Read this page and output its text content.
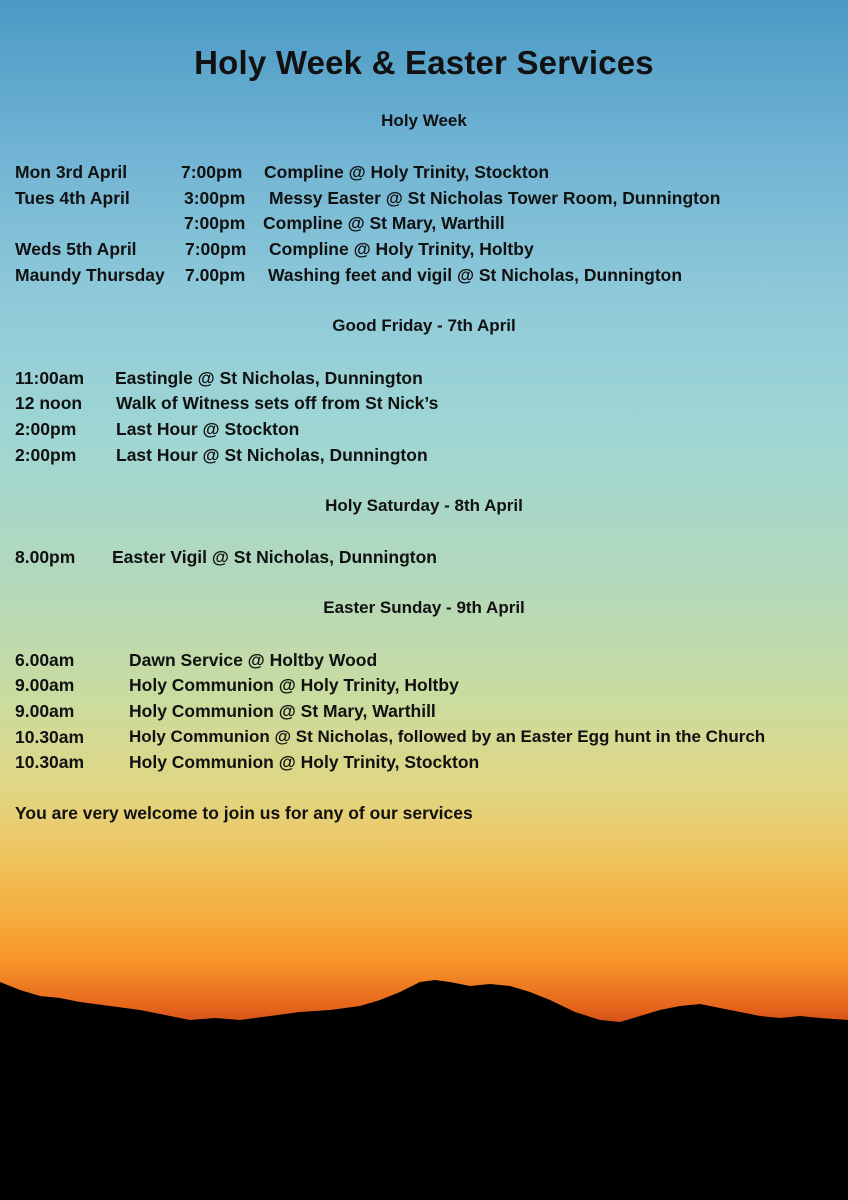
Holy Week & Easter Services
Holy Week
Mon 3rd April	7:00pm Compline @ Holy Trinity, Stockton
Tues 4th April	3:00pm Messy Easter @ St Nicholas Tower Room, Dunnington
7:00pm Compline @ St Mary, Warthill
Weds 5th April	7:00pm Compline @ Holy Trinity, Holtby
Maundy Thursday 7.00pm Washing feet and vigil @ St Nicholas, Dunnington
Good Friday - 7th April
11:00am Eastingle @ St Nicholas, Dunnington
12 noon Walk of Witness sets off from St Nick’s
2:00pm Last Hour @ Stockton
2:00pm Last Hour @ St Nicholas, Dunnington
Holy Saturday - 8th April
8.00pm Easter Vigil @ St Nicholas, Dunnington
Easter Sunday - 9th April
6.00am	Dawn Service @ Holtby Wood
9.00am	Holy Communion @ Holy Trinity, Holtby
9.00am	Holy Communion @ St Mary, Warthill
10.30am	Holy Communion @ St Nicholas, followed by an Easter Egg hunt in the Church
10.30am	Holy Communion @ Holy Trinity, Stockton
You are very welcome to join us for any of our services
